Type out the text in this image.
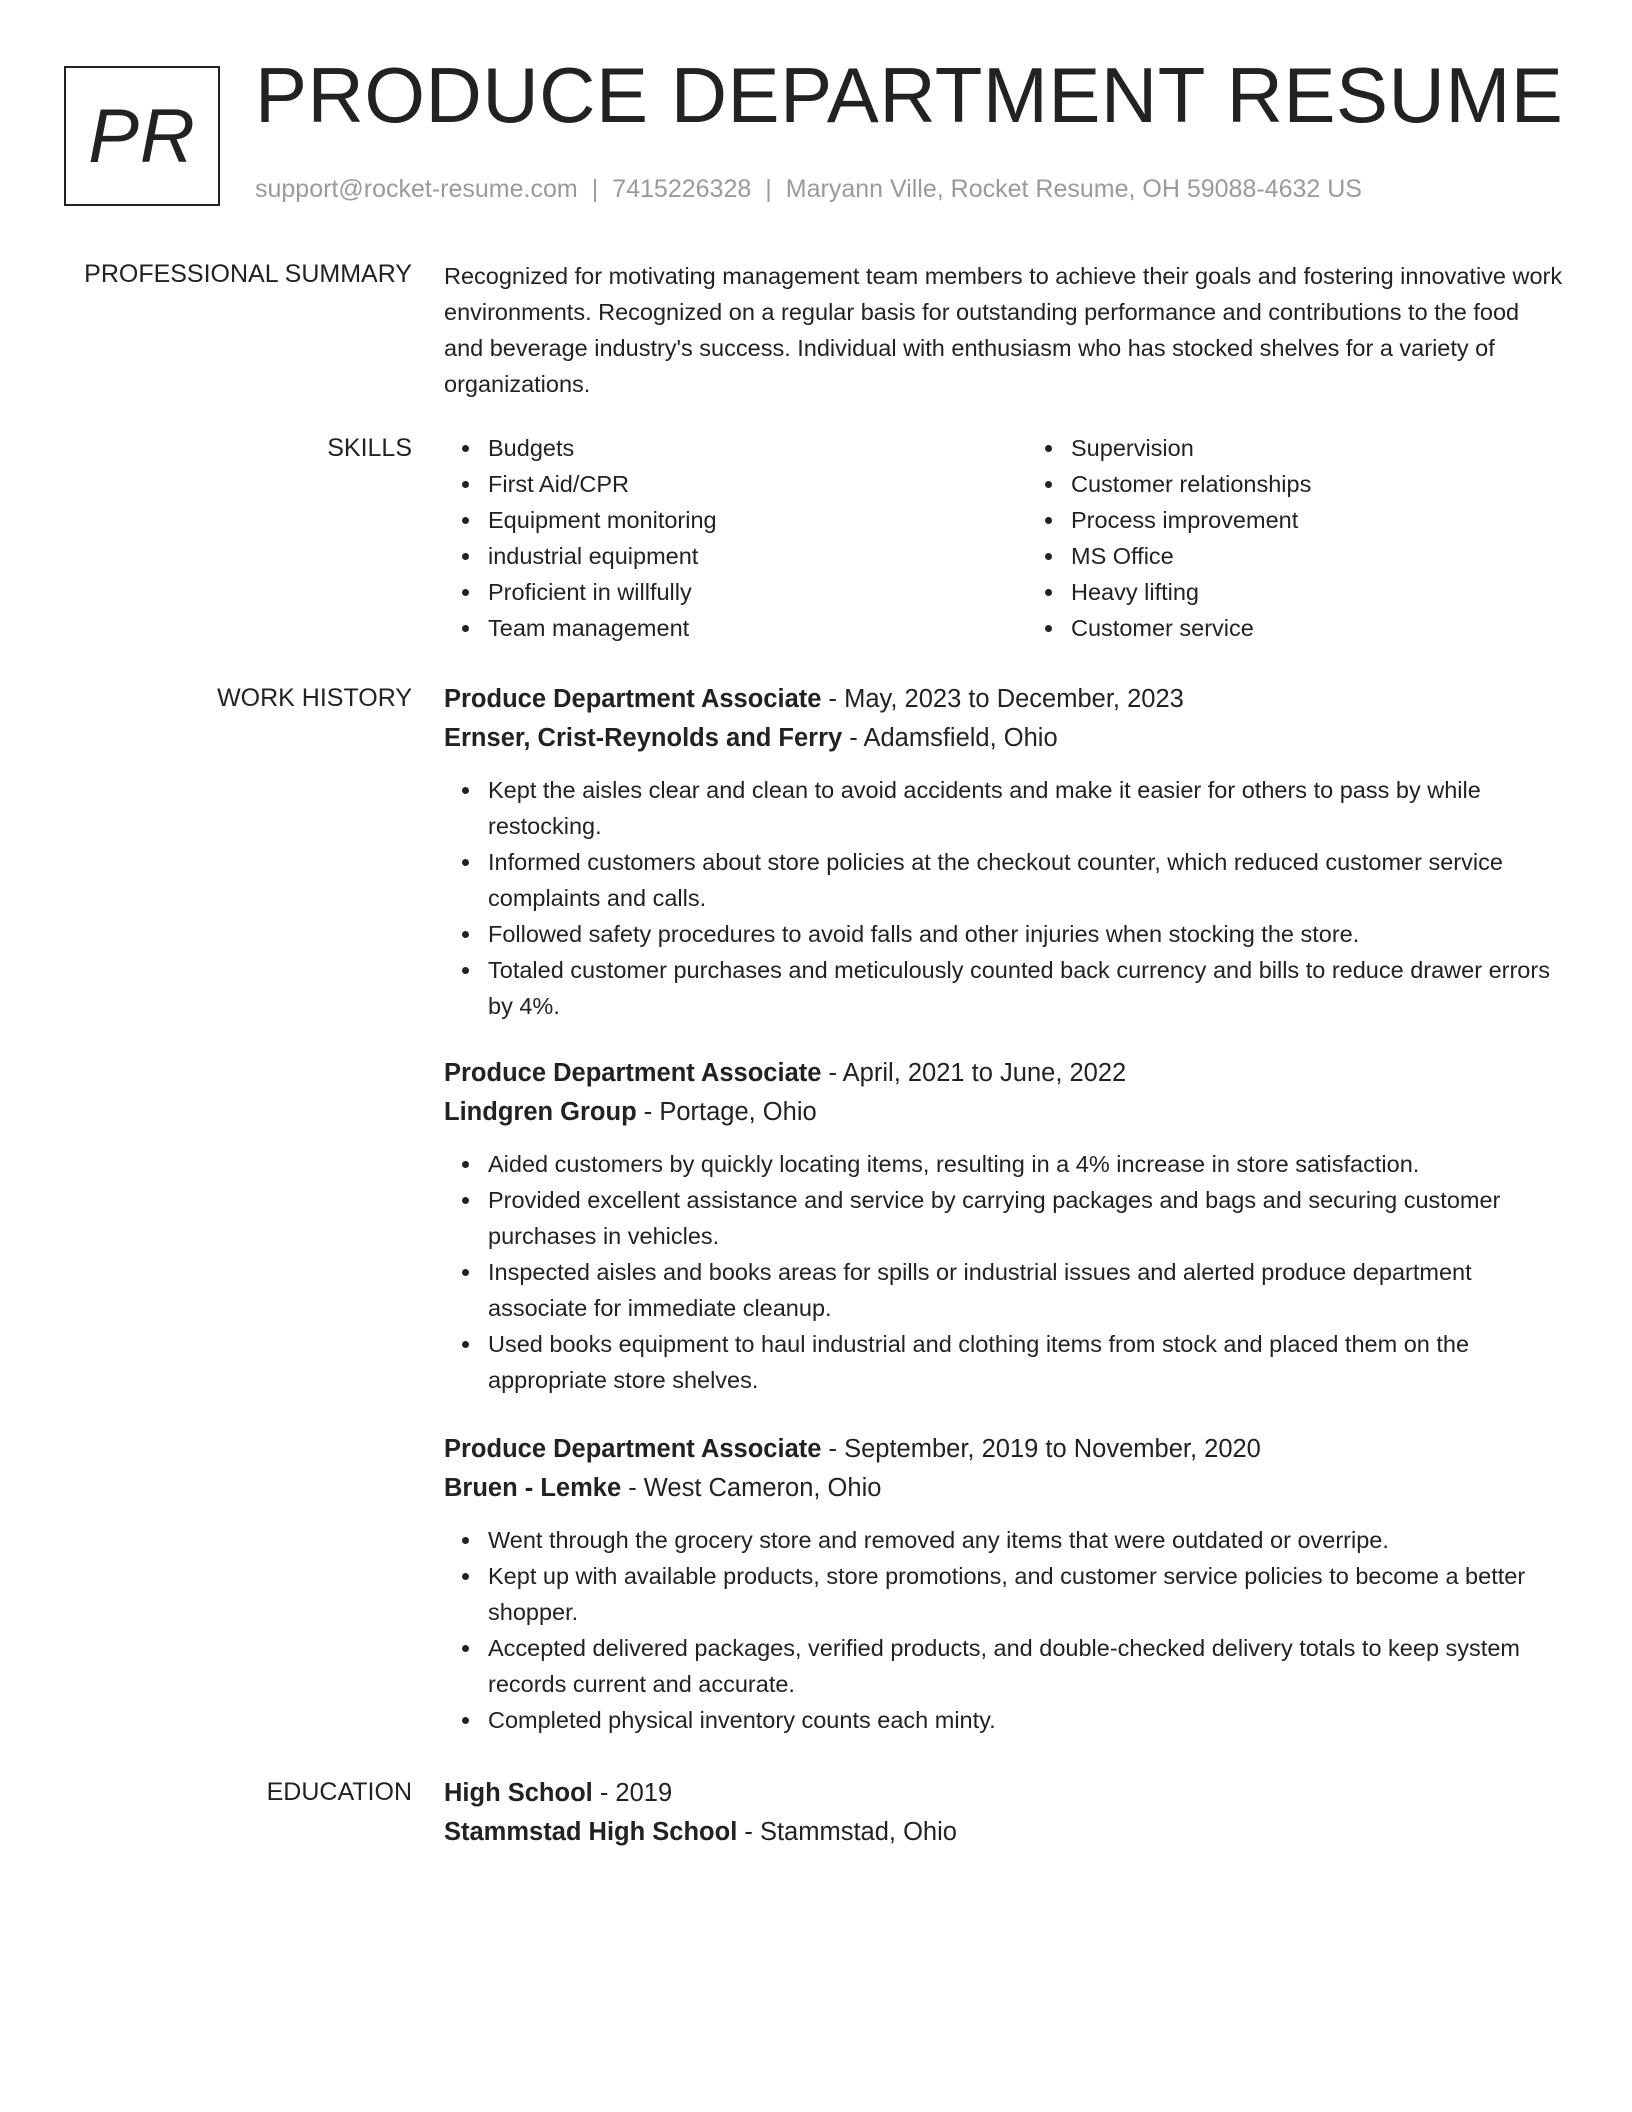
PR PRODUCE DEPARTMENT RESUME
support@rocket-resume.com | 7415226328 | Maryann Ville, Rocket Resume, OH 59088-4632 US
PROFESSIONAL SUMMARY Recognized for motivating management team members to achieve their goals and fostering innovative work environments. Recognized on a regular basis for outstanding performance and contributions to the food and beverage industry's success. Individual with enthusiasm who has stocked shelves for a variety of organizations.
SKILLS	Budgets
First Aid/CPR
Equipment monitoring
industrial equipment
Proficient in willfully
Team management
Supervision
Customer relationships
Process improvement
MS Office
Heavy lifting
Customer service
WORK HISTORY Produce Department Associate - May, 2023 to December, 2023
Ernser, Crist-Reynolds and Ferry - Adamsfield, Ohio
Kept the aisles clear and clean to avoid accidents and make it easier for others to pass by while restocking.
Informed customers about store policies at the checkout counter, which reduced customer service complaints and calls.
Followed safety procedures to avoid falls and other injuries when stocking the store.
Totaled customer purchases and meticulously counted back currency and bills to reduce drawer errors by 4%.
Produce Department Associate - April, 2021 to June, 2022
Lindgren Group - Portage, Ohio
Aided customers by quickly locating items, resulting in a 4% increase in store satisfaction.
Provided excellent assistance and service by carrying packages and bags and securing customer purchases in vehicles.
Inspected aisles and books areas for spills or industrial issues and alerted produce department associate for immediate cleanup.
Used books equipment to haul industrial and clothing items from stock and placed them on the appropriate store shelves.
Produce Department Associate - September, 2019 to November, 2020
Bruen - Lemke - West Cameron, Ohio
Went through the grocery store and removed any items that were outdated or overripe.
Kept up with available products, store promotions, and customer service policies to become a better shopper.
Accepted delivered packages, verified products, and double-checked delivery totals to keep system records current and accurate.
Completed physical inventory counts each minty.
EDUCATION High School - 2019
Stammstad High School - Stammstad, Ohio
